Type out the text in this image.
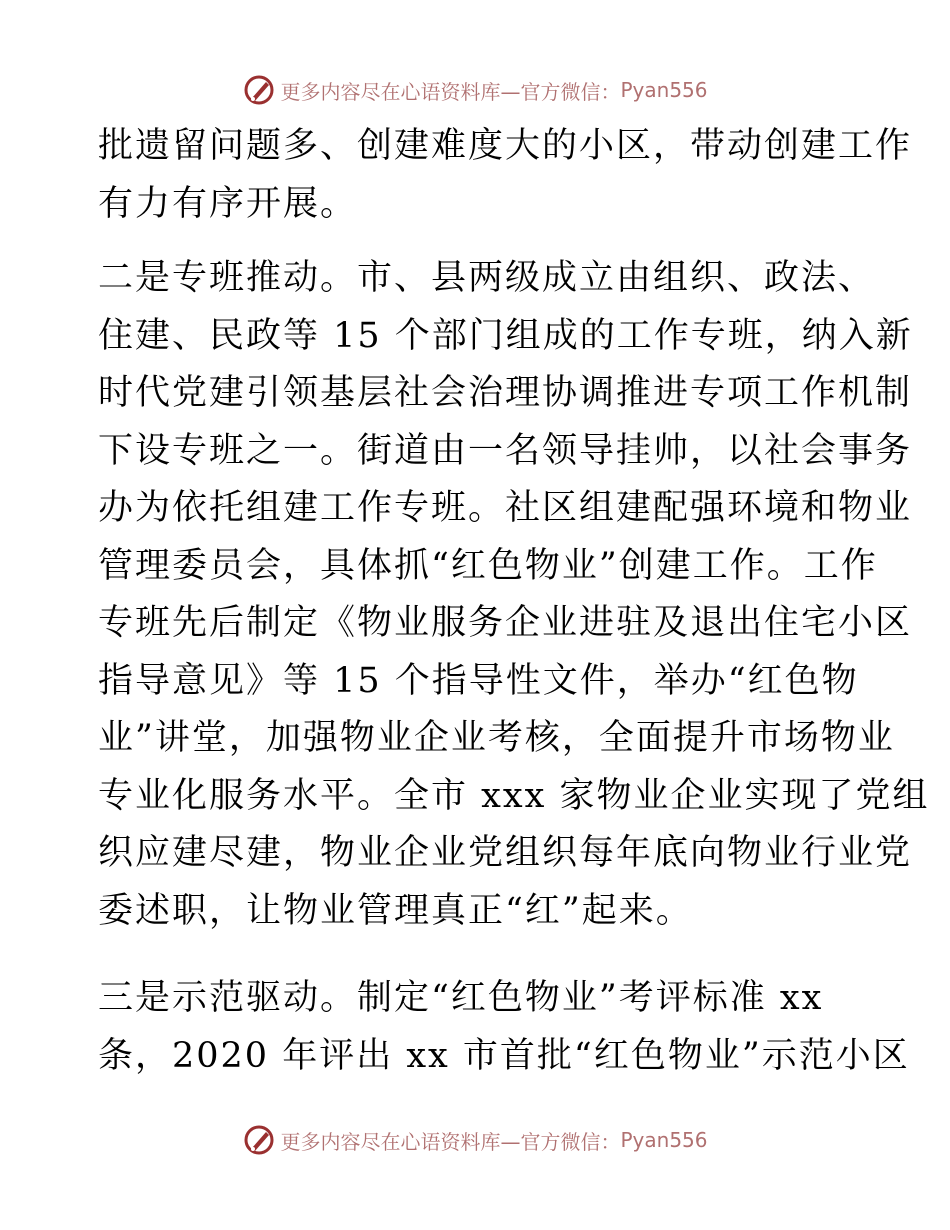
更多内容尽在心语资料库—官方微信： Pyan556
批遗留问题多、创建难度大的小区，带动创建工作
有力有序开展。
二是专班推动。市、县两级成立由组织、政法、
住建、民政等 15 个部门组成的工作专班，纳入新
时代党建引领基层社会治理协调推进专项工作机制
下设专班之一。街道由一名领导挂帅，以社会事务
办为依托组建工作专班。社区组建配强环境和物业
管理委员会，具体抓“红色物业”创建工作。工作
专班先后制定《物业服务企业进驻及退出住宅小区
指导意见》等 15 个指导性文件，举办“红色物
业”讲堂，加强物业企业考核，全面提升市场物业
专业化服务水平。全市 xxx 家物业企业实现了党组
织应建尽建，物业企业党组织每年底向物业行业党
委述职，让物业管理真正“红”起来。
三是示范驱动。制定“红色物业”考评标准 xx
条，2020 年评出 xx 市首批“红色物业”示范小区
更多内容尽在心语资料库—官方微信： Pyan556
